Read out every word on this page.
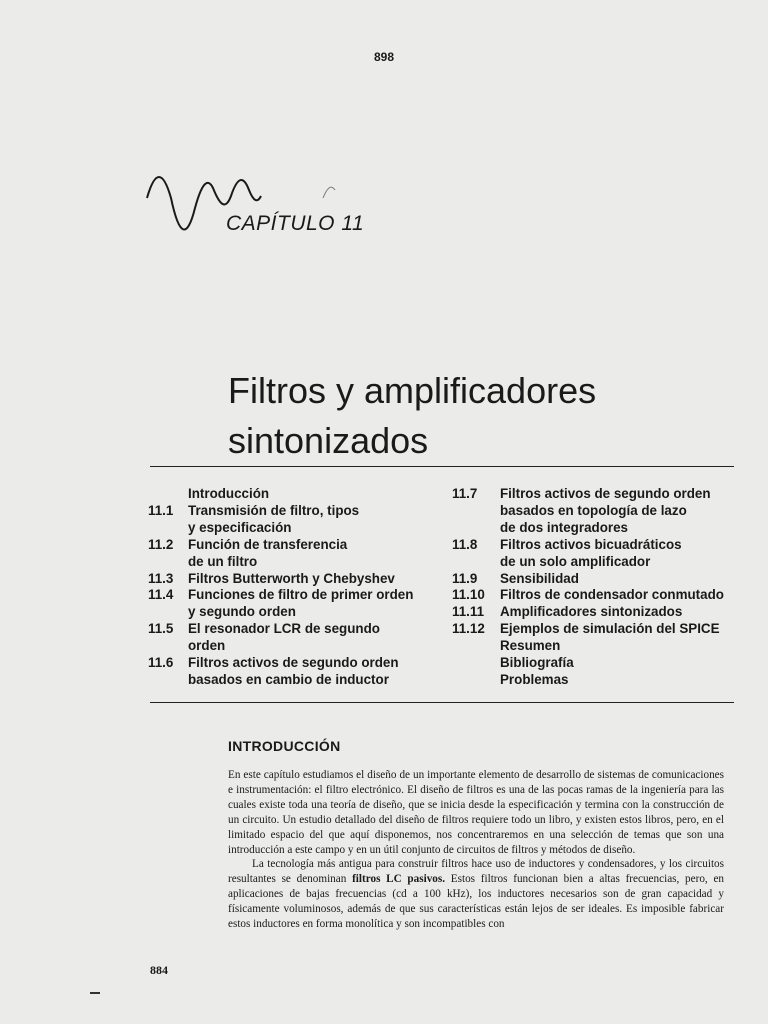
898
CAPÍTULO 11
Filtros y amplificadores sintonizados
Introducción
11.1	Transmisión de filtro, tipos
y especificación
11.2	Función de transferencia
de un filtro
11.3	Filtros Butterworth y Chebyshev
11.4	Funciones de filtro de primer orden
y segundo orden
11.5	El resonador LCR de segundo
orden
11.6	Filtros activos de segundo orden
basados en cambio de inductor
11.7	Filtros activos de segundo orden
basados en topología de lazo
de dos integradores
11.8	Filtros activos bicuadráticos
de un solo amplificador
11.9	Sensibilidad
11.10	Filtros de condensador conmutado
11.11	Amplificadores sintonizados
11.12	Ejemplos de simulación del SPICE
Resumen
Bibliografía
Problemas
INTRODUCCIÓN

En este capítulo estudiamos el diseño de un importante elemento de desarrollo de sistemas de comunicaciones e instrumentación: el filtro electrónico. El diseño de filtros es una de las pocas ramas de la ingeniería para las cuales existe toda una teoría de diseño, que se inicia desde la especificación y termina con la construcción de un circuito. Un estudio detallado del diseño de filtros requiere todo un libro, y existen estos libros, pero, en el limitado espacio del que aquí disponemos, nos concentraremos en una selección de temas que son una introducción a este campo y en un útil conjunto de circuitos de filtros y métodos de diseño.

La tecnología más antigua para construir filtros hace uso de inductores y condensadores, y los circuitos resultantes se denominan filtros LC pasivos. Estos filtros funcionan bien a altas frecuencias, pero, en aplicaciones de bajas frecuencias (cd a 100 kHz), los inductores necesarios son de gran capacidad y físicamente voluminosos, además de que sus características están lejos de ser ideales. Es imposible fabricar estos inductores en forma monolítica y son incompatibles con

884
